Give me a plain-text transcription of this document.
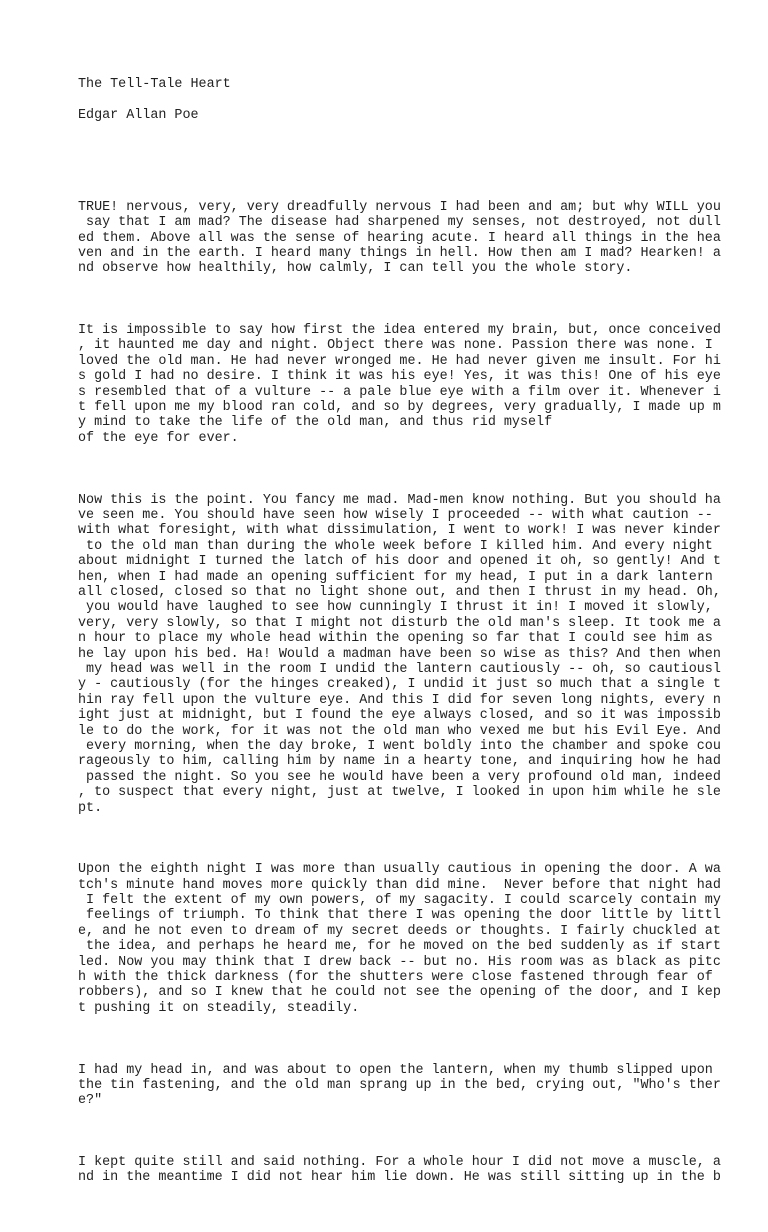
The Tell-Tale Heart
Edgar Allan Poe

TRUE! nervous, very, very dreadfully nervous I had been and am; but why WILL you
say that I am mad? The disease had sharpened my senses, not destroyed, not dull
ed them. Above all was the sense of hearing acute. I heard all things in the hea
ven and in the earth. I heard many things in hell. How then am I mad? Hearken! a
nd observe how healthily, how calmly, I can tell you the whole story.

It is impossible to say how first the idea entered my brain, but, once conceived
, it haunted me day and night. Object there was none. Passion there was none. I
loved the old man. He had never wronged me. He had never given me insult. For hi
s gold I had no desire. I think it was his eye! Yes, it was this! One of his eye
s resembled that of a vulture -- a pale blue eye with a film over it. Whenever i
t fell upon me my blood ran cold, and so by degrees, very gradually, I made up m
y mind to take the life of the old man, and thus rid myself
of the eye for ever.

Now this is the point. You fancy me mad. Mad-men know nothing. But you should ha
ve seen me. You should have seen how wisely I proceeded -- with what caution --
with what foresight, with what dissimulation, I went to work! I was never kinder
to the old man than during the whole week before I killed him. And every night
about midnight I turned the latch of his door and opened it oh, so gently! And t
hen, when I had made an opening sufficient for my head, I put in a dark lantern
all closed, closed so that no light shone out, and then I thrust in my head. Oh,
you would have laughed to see how cunningly I thrust it in! I moved it slowly,
very, very slowly, so that I might not disturb the old man's sleep. It took me a
n hour to place my whole head within the opening so far that I could see him as
he lay upon his bed. Ha! Would a madman have been so wise as this? And then when
my head was well in the room I undid the lantern cautiously -- oh, so cautiousl
y - cautiously (for the hinges creaked), I undid it just so much that a single t
hin ray fell upon the vulture eye. And this I did for seven long nights, every n
ight just at midnight, but I found the eye always closed, and so it was impossib
le to do the work, for it was not the old man who vexed me but his Evil Eye. And
every morning, when the day broke, I went boldly into the chamber and spoke cou
rageously to him, calling him by name in a hearty tone, and inquiring how he had
passed the night. So you see he would have been a very profound old man, indeed
, to suspect that every night, just at twelve, I looked in upon him while he sle
pt.

Upon the eighth night I was more than usually cautious in opening the door. A wa
tch's minute hand moves more quickly than did mine.  Never before that night had
I felt the extent of my own powers, of my sagacity. I could scarcely contain my
feelings of triumph. To think that there I was opening the door little by littl
e, and he not even to dream of my secret deeds or thoughts. I fairly chuckled at
the idea, and perhaps he heard me, for he moved on the bed suddenly as if start
led. Now you may think that I drew back -- but no. His room was as black as pitc
h with the thick darkness (for the shutters were close fastened through fear of
robbers), and so I knew that he could not see the opening of the door, and I kep
t pushing it on steadily, steadily.

I had my head in, and was about to open the lantern, when my thumb slipped upon
the tin fastening, and the old man sprang up in the bed, crying out, "Who's ther
e?"

I kept quite still and said nothing. For a whole hour I did not move a muscle, a
nd in the meantime I did not hear him lie down. He was still sitting up in the b
